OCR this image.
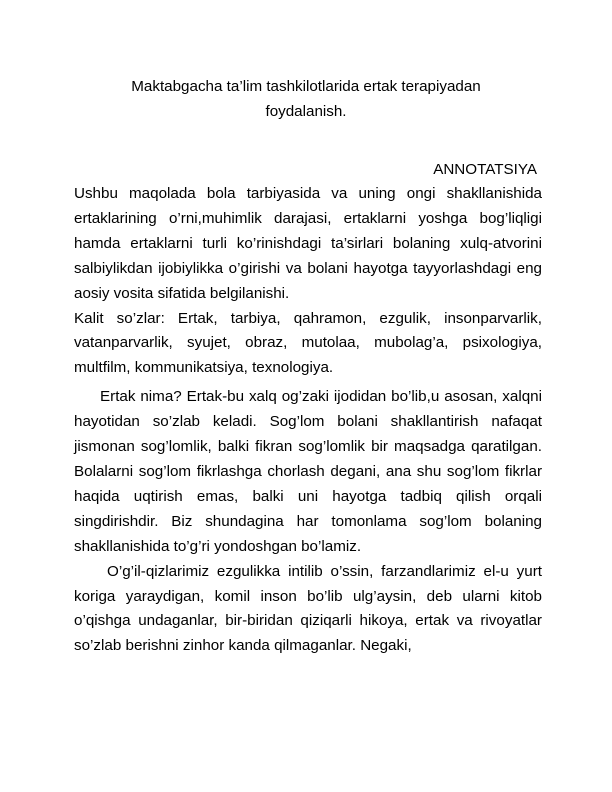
Maktabgacha ta’lim tashkilotlarida ertak terapiyadan
foydalanish.
ANNOTATSIYA

Ushbu maqolada bola tarbiyasida va uning ongi shakllanishida ertaklarining o’rni,muhimlik darajasi, ertaklarni yoshga bog’liqligi hamda ertaklarni turli ko’rinishdagi ta’sirlari bolaning xulq-atvorini salbiylikdan ijobiylikka o’girishi va bolani hayotga tayyorlashdagi eng aosiy vosita sifatida belgilanishi.

Kalit so’zlar: Ertak, tarbiya, qahramon, ezgulik, insonparvarlik, vatanparvarlik, syujet, obraz, mutolaa, mubolag’a, psixologiya, multfilm, kommunikatsiya, texnologiya.

Ertak nima? Ertak-bu xalq og’zaki ijodidan bo’lib,u asosan, xalqni hayotidan so’zlab keladi. Sog’lom bolani shakllantirish nafaqat jismonan sog’lomlik, balki fikran sog’lomlik bir maqsadga qaratilgan. Bolalarni sog’lom fikrlashga chorlash degani, ana shu sog’lom fikrlar haqida uqtirish emas, balki uni hayotga tadbiq qilish orqali singdirishdir. Biz shundagina har tomonlama sog’lom bolaning shakllanishida to’g’ri yondoshgan bo’lamiz.

O’g’il-qizlarimiz ezgulikka intilib o’ssin, farzandlarimiz el-u yurt koriga yaraydigan, komil inson bo’lib ulg’aysin, deb ularni kitob o’qishga undaganlar, bir-biridan qiziqarli hikoya, ertak va rivoyatlar so’zlab berishni zinhor kanda qilmaganlar. Negaki,
